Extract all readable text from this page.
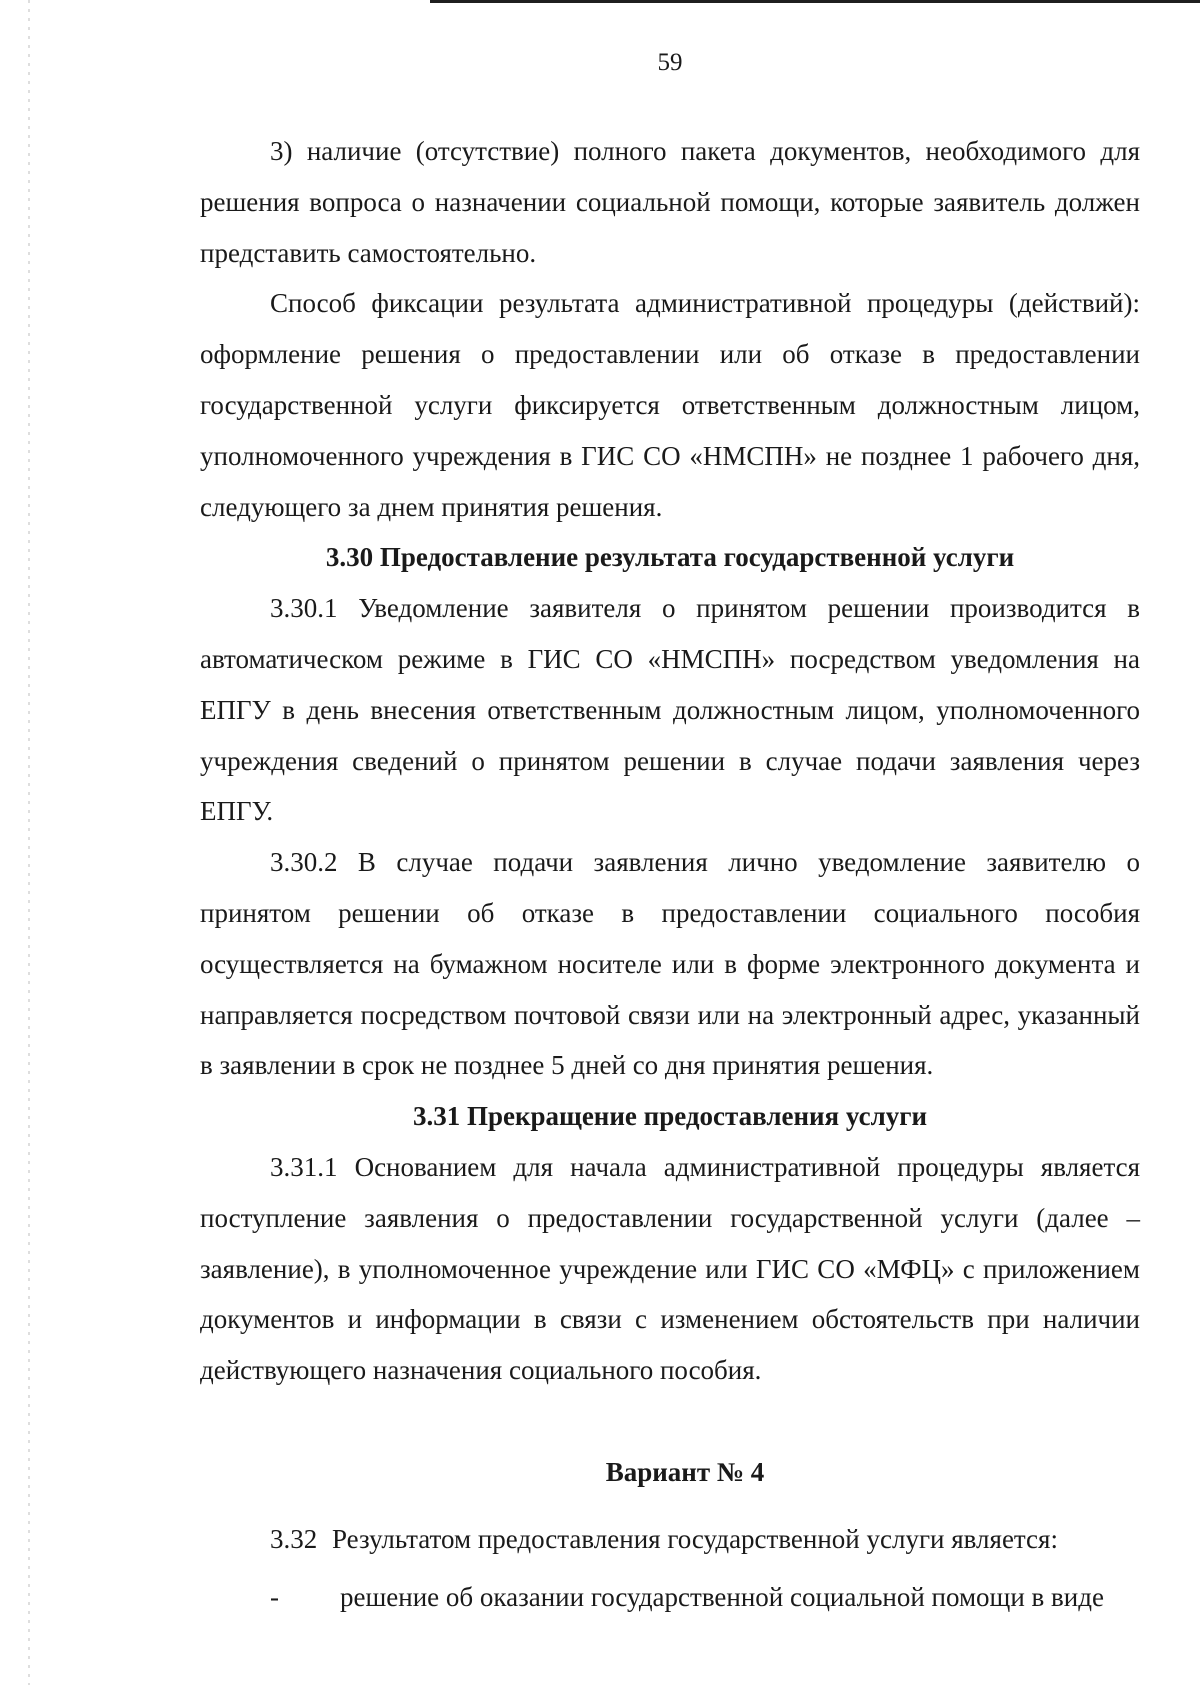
59

3) наличие (отсутствие) полного пакета документов, необходимого для решения вопроса о назначении социальной помощи, которые заявитель должен представить самостоятельно.

Способ фиксации результата административной процедуры (действий): оформление решения о предоставлении или об отказе в предоставлении государственной услуги фиксируется ответственным должностным лицом, уполномоченного учреждения в ГИС СО «НМСПН» не позднее 1 рабочего дня, следующего за днем принятия решения.

3.30 Предоставление результата государственной услуги

3.30.1 Уведомление заявителя о принятом решении производится в автоматическом режиме в ГИС СО «НМСПН» посредством уведомления на ЕПГУ в день внесения ответственным должностным лицом, уполномоченного учреждения сведений о принятом решении в случае подачи заявления через ЕПГУ.

3.30.2 В случае подачи заявления лично уведомление заявителю о принятом решении об отказе в предоставлении социального пособия осуществляется на бумажном носителе или в форме электронного документа и направляется посредством почтовой связи или на электронный адрес, указанный в заявлении в срок не позднее 5 дней со дня принятия решения.

3.31 Прекращение предоставления услуги

3.31.1 Основанием для начала административной процедуры является поступление заявления о предоставлении государственной услуги (далее – заявление), в уполномоченное учреждение или ГИС СО «МФЦ» с приложением документов и информации в связи с изменением обстоятельств при наличии действующего назначения социального пособия.

Вариант № 4

3.32 Результатом предоставления государственной услуги является:

- решение об оказании государственной социальной помощи в виде
